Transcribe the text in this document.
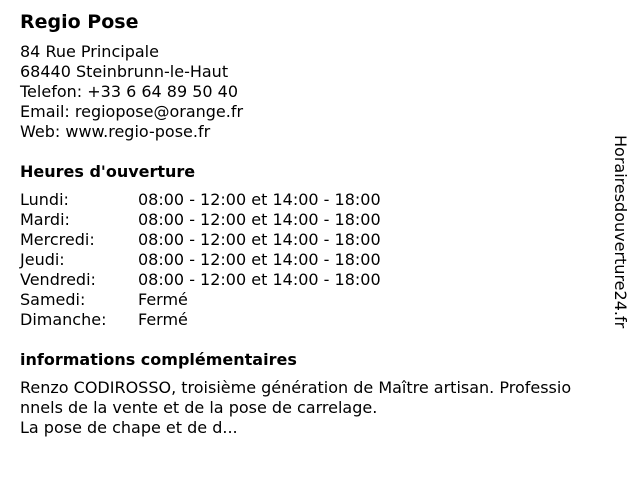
Regio Pose
84 Rue Principale
68440 Steinbrunn-le-Haut
Telefon: +33 6 64 89 50 40
Email: regiopose@orange.fr
Web: www.regio-pose.fr
Heures d'ouverture
Lundi:	08:00 - 12:00 et 14:00 - 18:00
Mardi:	08:00 - 12:00 et 14:00 - 18:00
Mercredi:	08:00 - 12:00 et 14:00 - 18:00
Jeudi:	08:00 - 12:00 et 14:00 - 18:00
Vendredi:	08:00 - 12:00 et 14:00 - 18:00
Samedi:	Fermé
Dimanche:	Fermé
informations complémentaires
Renzo CODIROSSO, troisième génération de Maître artisan. Professio
nnels de la vente et de la pose de carrelage.
La pose de chape et de d...
Horairesdouverture24.fr
